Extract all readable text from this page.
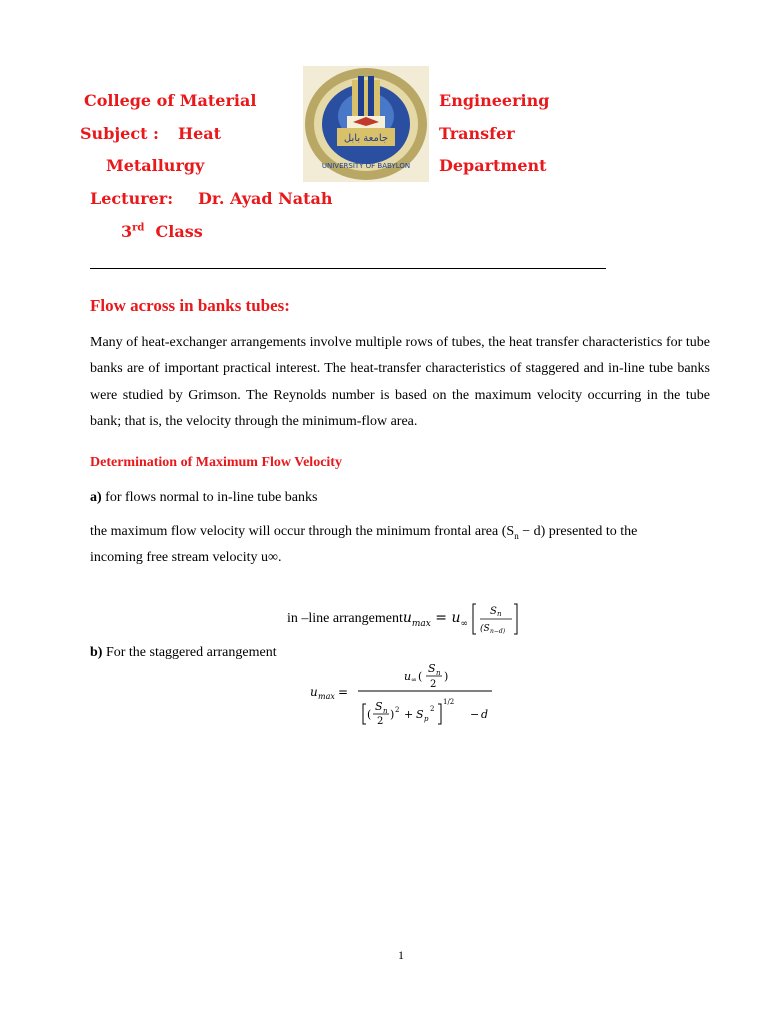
College of Material	Engineering
Subject : Heat	Transfer
Metallurgy	Department
Lecturer: Dr. Ayad Natah
3rd Class
UNIVERSITY OF BABYLON
جامعة بابل
Flow across in banks tubes:
Many of heat-exchanger arrangements involve multiple rows of tubes, the heat transfer characteristics for tube banks are of important practical interest. The heat-transfer characteristics of staggered and in-line tube banks were studied by Grimson. The Reynolds number is based on the maximum velocity occurring in the tube bank; that is, the velocity through the minimum-flow area.
Determination of Maximum Flow Velocity
a) for flows normal to in-line tube banks
the maximum flow velocity will occur through the minimum frontal area $(S_n - d)$ presented to the
incoming free stream velocity u∞.
in –line arrangementu$_{max}$ = $u_\infty$
S n
(S n−d)
b) For the staggered arrangement
u max =
u ∞ (
S n
2
)
(
S n
2
) 2 + S p
2
1/2
− d
1
